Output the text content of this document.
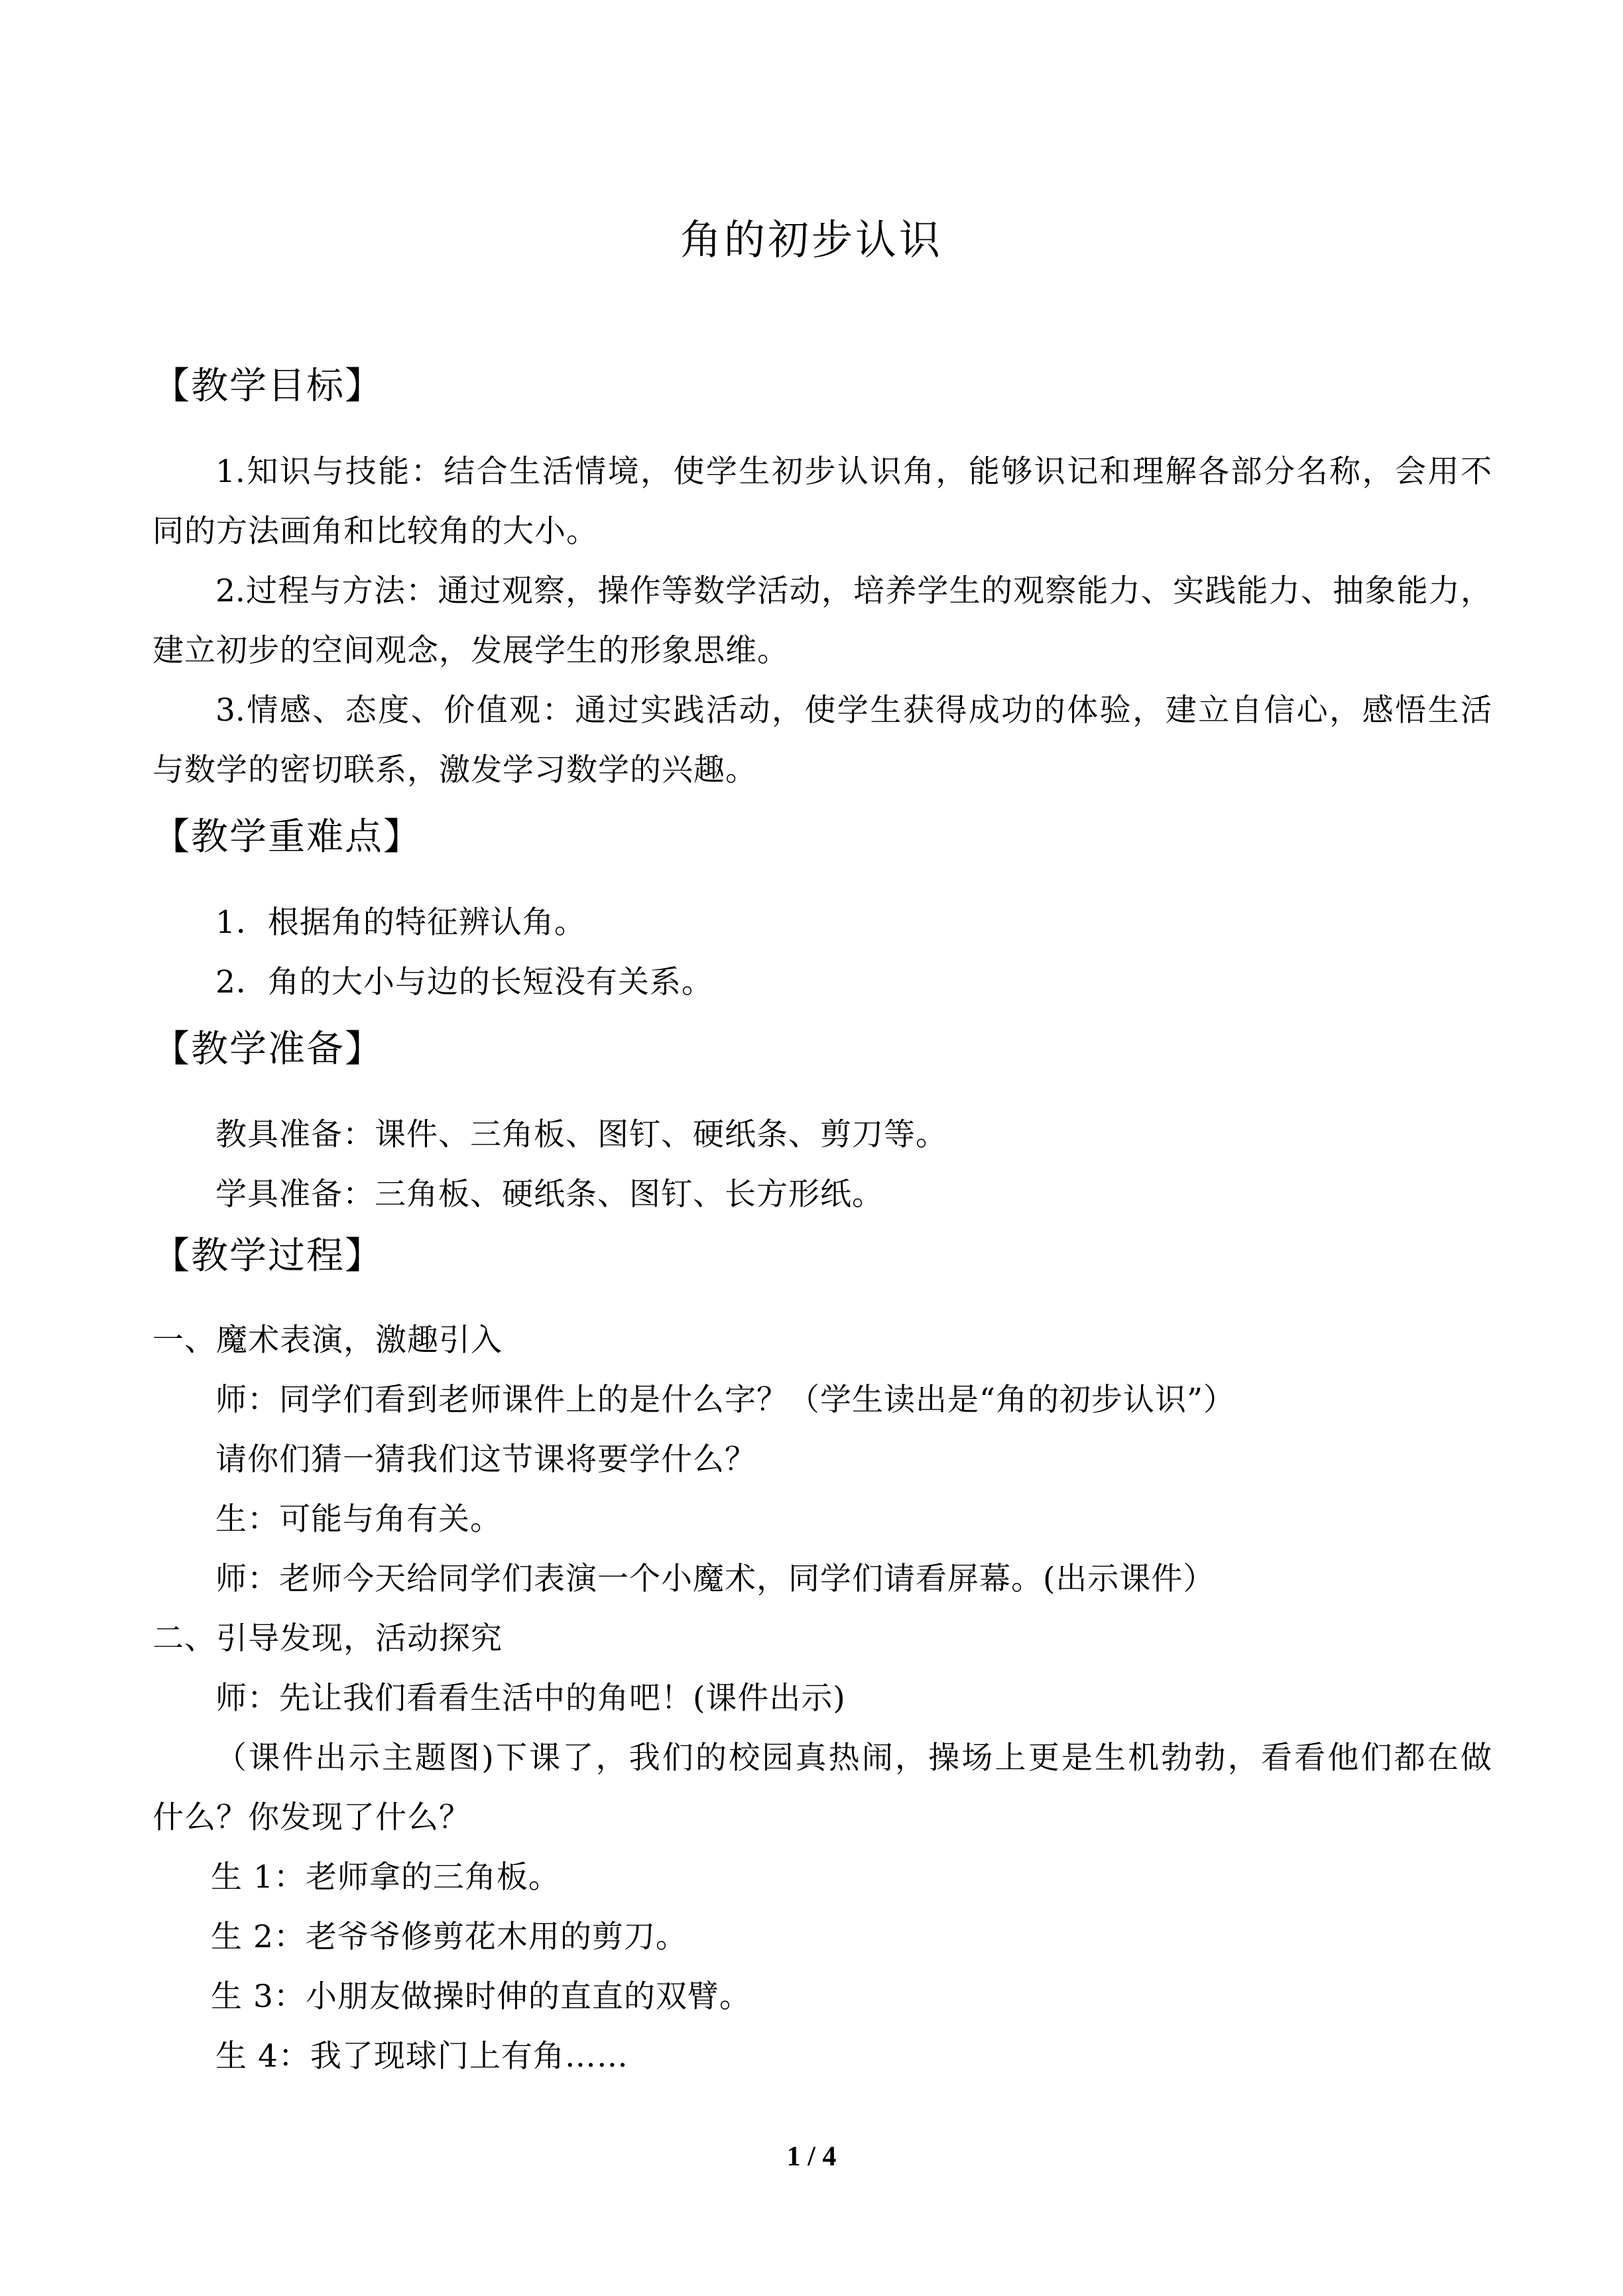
角的初步认识
【教学目标】
1.知识与技能：结合生活情境，使学生初步认识角，能够识记和理解各部分名称，会用不
同的方法画角和比较角的大小。
2.过程与方法：通过观察，操作等数学活动，培养学生的观察能力、实践能力、抽象能力，
建立初步的空间观念，发展学生的形象思维。
3.情感、态度、价值观：通过实践活动，使学生获得成功的体验，建立自信心，感悟生活
与数学的密切联系，激发学习数学的兴趣。
【教学重难点】
1．根据角的特征辨认角。
2．角的大小与边的长短没有关系。
【教学准备】
教具准备：课件、三角板、图钉、硬纸条、剪刀等。
学具准备：三角板、硬纸条、图钉、长方形纸。
【教学过程】
一、魔术表演，激趣引入
师：同学们看到老师课件上的是什么字？（学生读出是“角的初步认识”）
请你们猜一猜我们这节课将要学什么？
生：可能与角有关。
师：老师今天给同学们表演一个小魔术，同学们请看屏幕。(出示课件）
二、引导发现，活动探究
师：先让我们看看生活中的角吧！(课件出示)
（课件出示主题图)下课了，我们的校园真热闹，操场上更是生机勃勃，看看他们都在做
什么？你发现了什么？
生 1：老师拿的三角板。
生 2：老爷爷修剪花木用的剪刀。
生 3：小朋友做操时伸的直直的双臂。
生 4：我了现球门上有角……
1 / 4
